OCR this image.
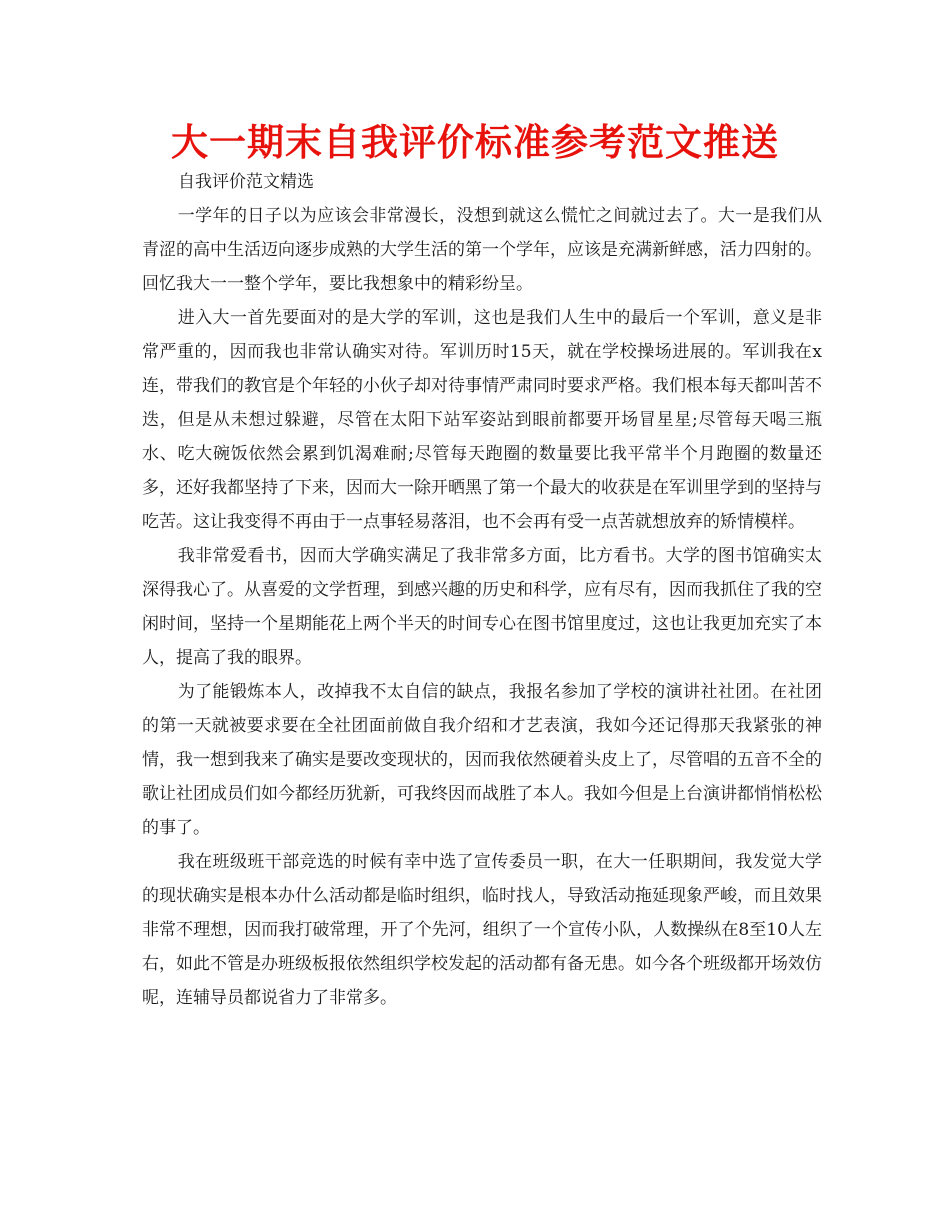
大一期末自我评价标准参考范文推送
自我评价范文精选

一学年的日子以为应该会非常漫长，没想到就这么慌忙之间就过去了。大一是我们从青涩的高中生活迈向逐步成熟的大学生活的第一个学年，应该是充满新鲜感，活力四射的。回忆我大一一整个学年，要比我想象中的精彩纷呈。

进入大一首先要面对的是大学的军训，这也是我们人生中的最后一个军训，意义是非常严重的，因而我也非常认确实对待。军训历时15天，就在学校操场进展的。军训我在x连，带我们的教官是个年轻的小伙子却对待事情严肃同时要求严格。我们根本每天都叫苦不迭，但是从未想过躲避，尽管在太阳下站军姿站到眼前都要开场冒星星;尽管每天喝三瓶水、吃大碗饭依然会累到饥渴难耐;尽管每天跑圈的数量要比我平常半个月跑圈的数量还多，还好我都坚持了下来，因而大一除开晒黑了第一个最大的收获是在军训里学到的坚持与吃苦。这让我变得不再由于一点事轻易落泪，也不会再有受一点苦就想放弃的矫情模样。

我非常爱看书，因而大学确实满足了我非常多方面，比方看书。大学的图书馆确实太深得我心了。从喜爱的文学哲理，到感兴趣的历史和科学，应有尽有，因而我抓住了我的空闲时间，坚持一个星期能花上两个半天的时间专心在图书馆里度过，这也让我更加充实了本人，提高了我的眼界。

为了能锻炼本人，改掉我不太自信的缺点，我报名参加了学校的演讲社社团。在社团的第一天就被要求要在全社团面前做自我介绍和才艺表演，我如今还记得那天我紧张的神情，我一想到我来了确实是要改变现状的，因而我依然硬着头皮上了，尽管唱的五音不全的歌让社团成员们如今都经历犹新，可我终因而战胜了本人。我如今但是上台演讲都悄悄松松的事了。

我在班级班干部竞选的时候有幸中选了宣传委员一职，在大一任职期间，我发觉大学的现状确实是根本办什么活动都是临时组织，临时找人，导致活动拖延现象严峻，而且效果非常不理想，因而我打破常理，开了个先河，组织了一个宣传小队，人数操纵在8至10人左右，如此不管是办班级板报依然组织学校发起的活动都有备无患。如今各个班级都开场效仿呢，连辅导员都说省力了非常多。
